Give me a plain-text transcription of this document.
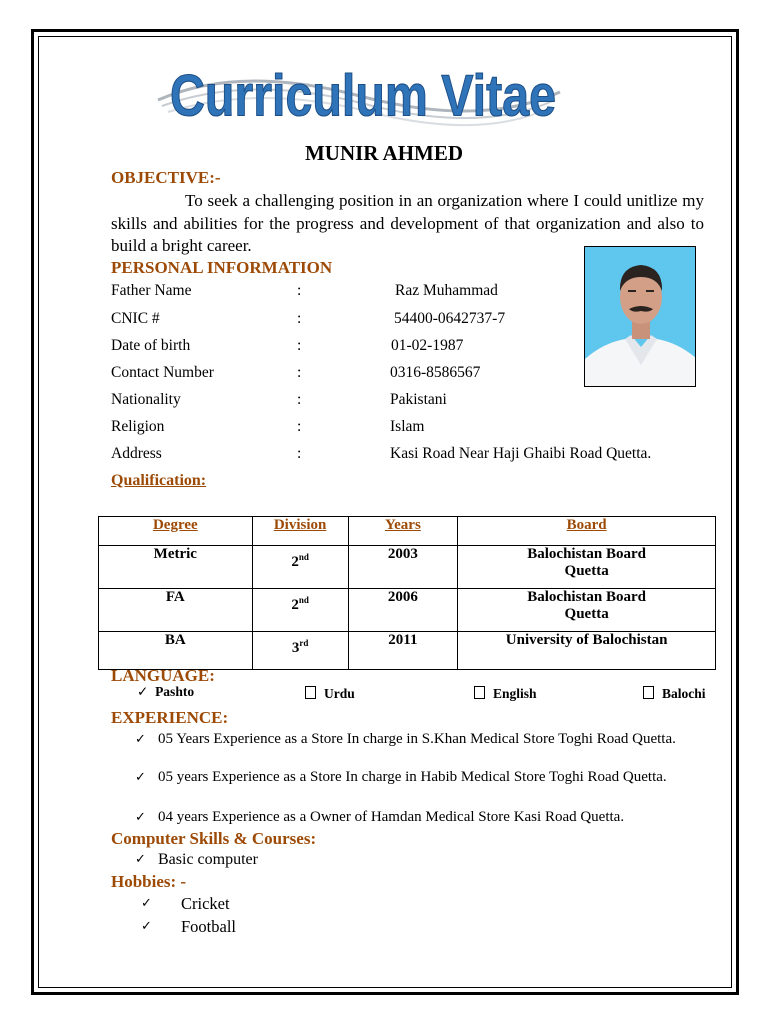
Curriculum Vitae
MUNIR AHMED
OBJECTIVE:-
To seek a challenging position in an organization where I could unitlize my skills and abilities for the progress and development of that organization and also to build a bright career.
PERSONAL INFORMATION
Father Name	:	Raz Muhammad
CNIC #	:	54400-0642737-7
Date of birth	:	01-02-1987
Contact Number	:	0316-8586567
Nationality	:	Pakistani
Religion	:	Islam
Address	:	Kasi Road Near Haji Ghaibi Road Quetta.
Qualification:
Degree	Division	Years	Board
Metric	2nd	2003	Balochistan Board Quetta
FA	2nd	2006	Balochistan Board Quetta
BA	3rd	2011	University of Balochistan
LANGUAGE:
✓ Pashto	Urdu	English	Balochi
EXPERIENCE:
✓ 05 Years Experience as a Store In charge in S.Khan Medical Store Toghi Road Quetta.
✓ 05 years Experience as a Store In charge in Habib Medical Store Toghi Road Quetta.
✓ 04 years Experience as a Owner of Hamdan Medical Store Kasi Road Quetta.
Computer Skills & Courses:
✓ Basic computer
Hobbies: -
✓ Cricket
✓ Football
